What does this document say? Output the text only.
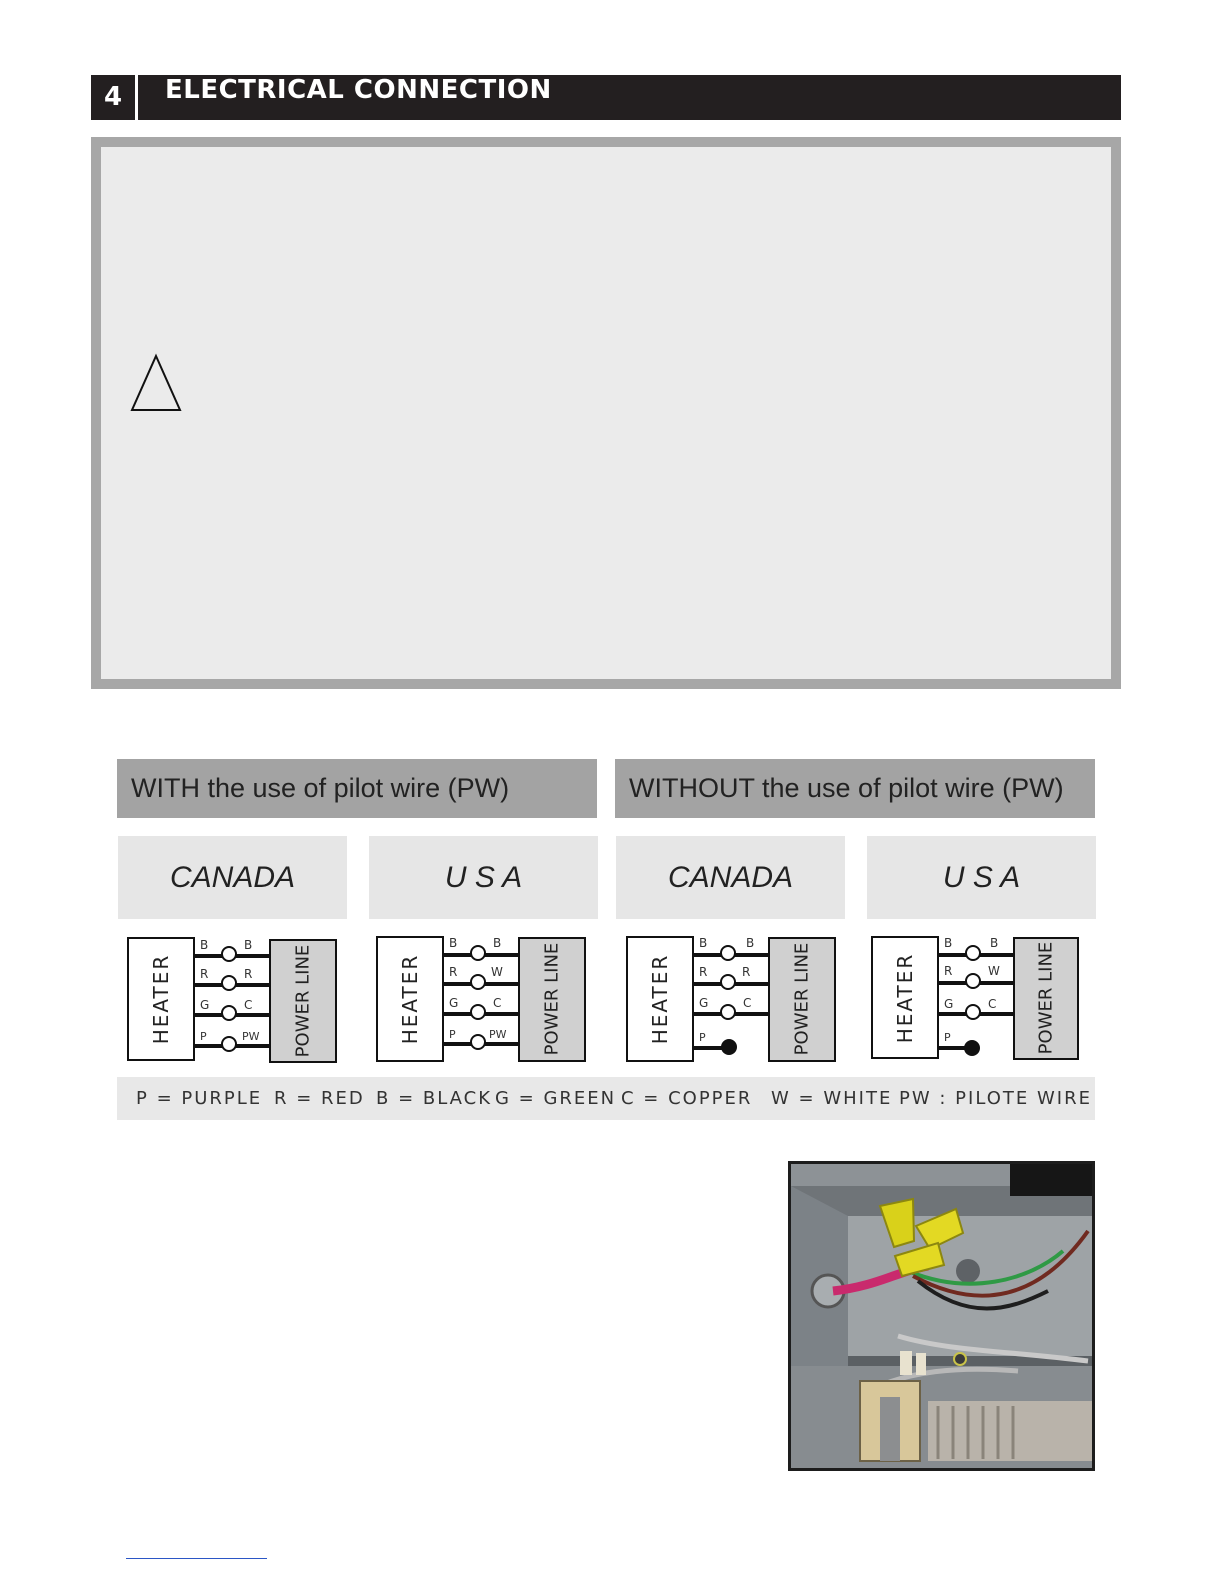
4	ELECTRICAL CONNECTION
WITH the use of pilot wire (PW)	WITHOUT the use of pilot wire (PW)
CANADA	U S A	CANADA	U S A
HEATER	POWER LINE
B
R
G
P
B
R
C
PW	HEATER	POWER LINE
B
R
G
P
B
W
C
PW	HEATER	POWER LINE
B
R
G
P
B
R
C	HEATER	POWER LINE
B
R
G
P
B
W
C
P = PURPLE R = RED B = BLACK G = GREEN C = COPPER W = WHITE PW : PILOTE WIRE
